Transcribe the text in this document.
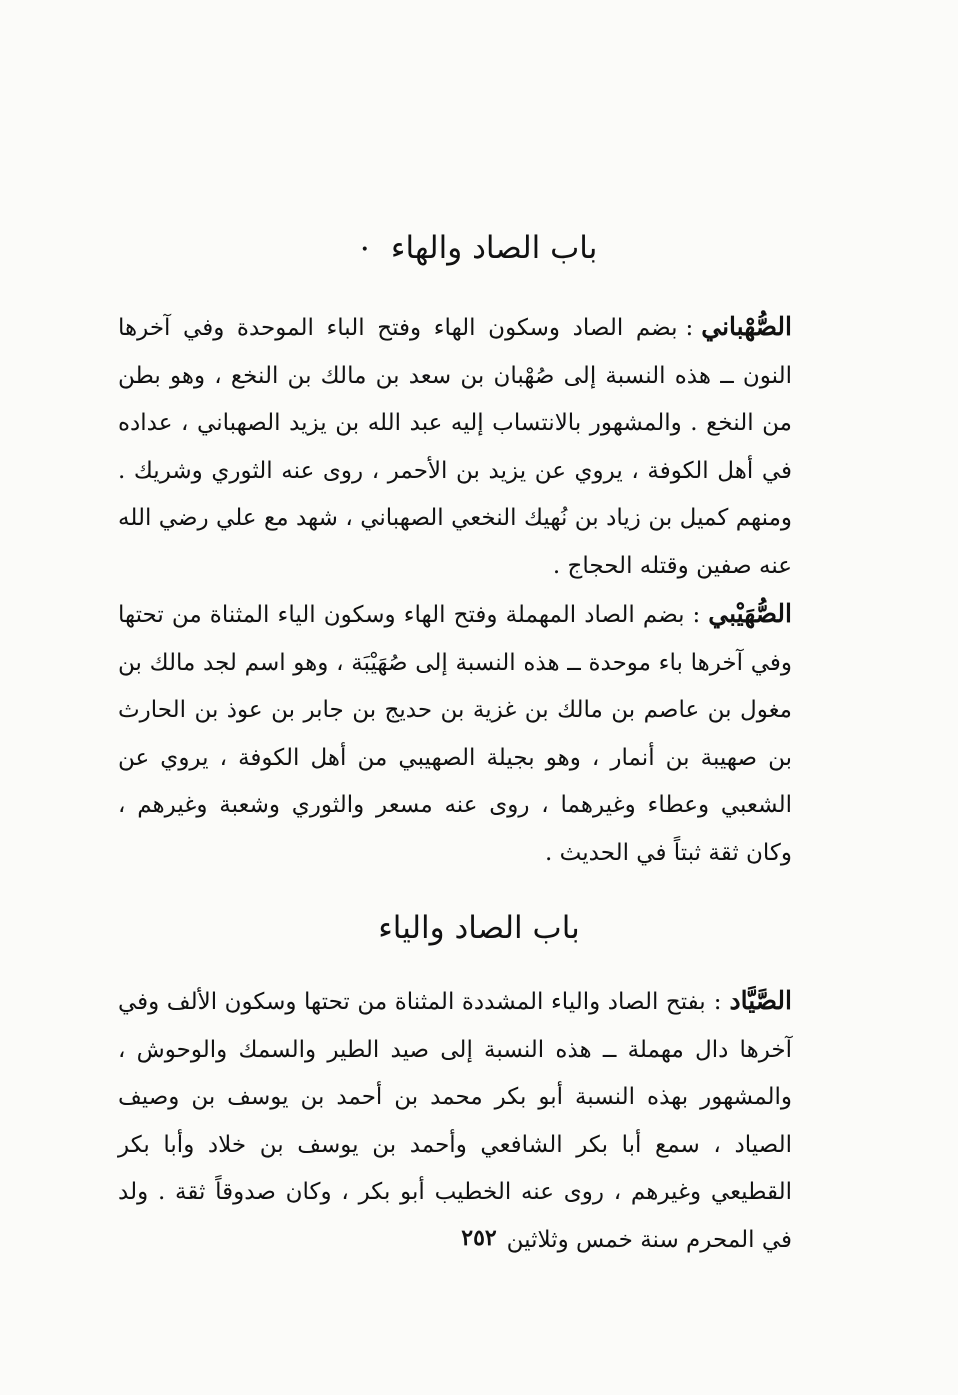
باب الصاد والهاء•

الصُّهْباني:بضم الصاد وسكون الهاء وفتح الباء الموحدة وفي آخرها النون ــ هذه النسبة إلى صُهْبان بن سعد بن مالك بن النخع ، وهو بطن من النخع . والمشهور بالانتساب إليه عبد الله بن يزيد الصهباني ، عداده في أهل الكوفة ، يروي عن يزيد بن الأحمر ، روى عنه الثوري وشريك . ومنهم كميل بن زياد بن نُهيك النخعي الصهباني ، شهد مع علي رضي الله عنه صفين وقتله الحجاج .

الصُّهَيْبي:بضم الصاد المهملة وفتح الهاء وسكون الياء المثناة من تحتها وفي آخرها باء موحدة ــ هذه النسبة إلى صُهَيْبَة ، وهو اسم لجد مالك بن مغول بن عاصم بن مالك بن غزية بن حديج بن جابر بن عوذ بن الحارث بن صهيبة بن أنمار ، وهو بجيلة الصهيبي من أهل الكوفة ، يروي عن الشعبي وعطاء وغيرهما ، روى عنه مسعر والثوري وشعبة وغيرهم ، وكان ثقة ثبتاً في الحديث .

باب الصاد والياء

الصَّيَّاد:بفتح الصاد والياء المشددة المثناة من تحتها وسكون الألف وفي آخرها دال مهملة ــ هذه النسبة إلى صيد الطير والسمك والوحوش ، والمشهور بهذه النسبة أبو بكر محمد بن أحمد بن يوسف بن وصيف الصياد ، سمع أبا بكر الشافعي وأحمد بن يوسف بن خلاد وأبا بكر القطيعي وغيرهم ، روى عنه الخطيب أبو بكر ، وكان صدوقاً ثقة . ولد في المحرم سنة خمس وثلاثين

٢٥٢
